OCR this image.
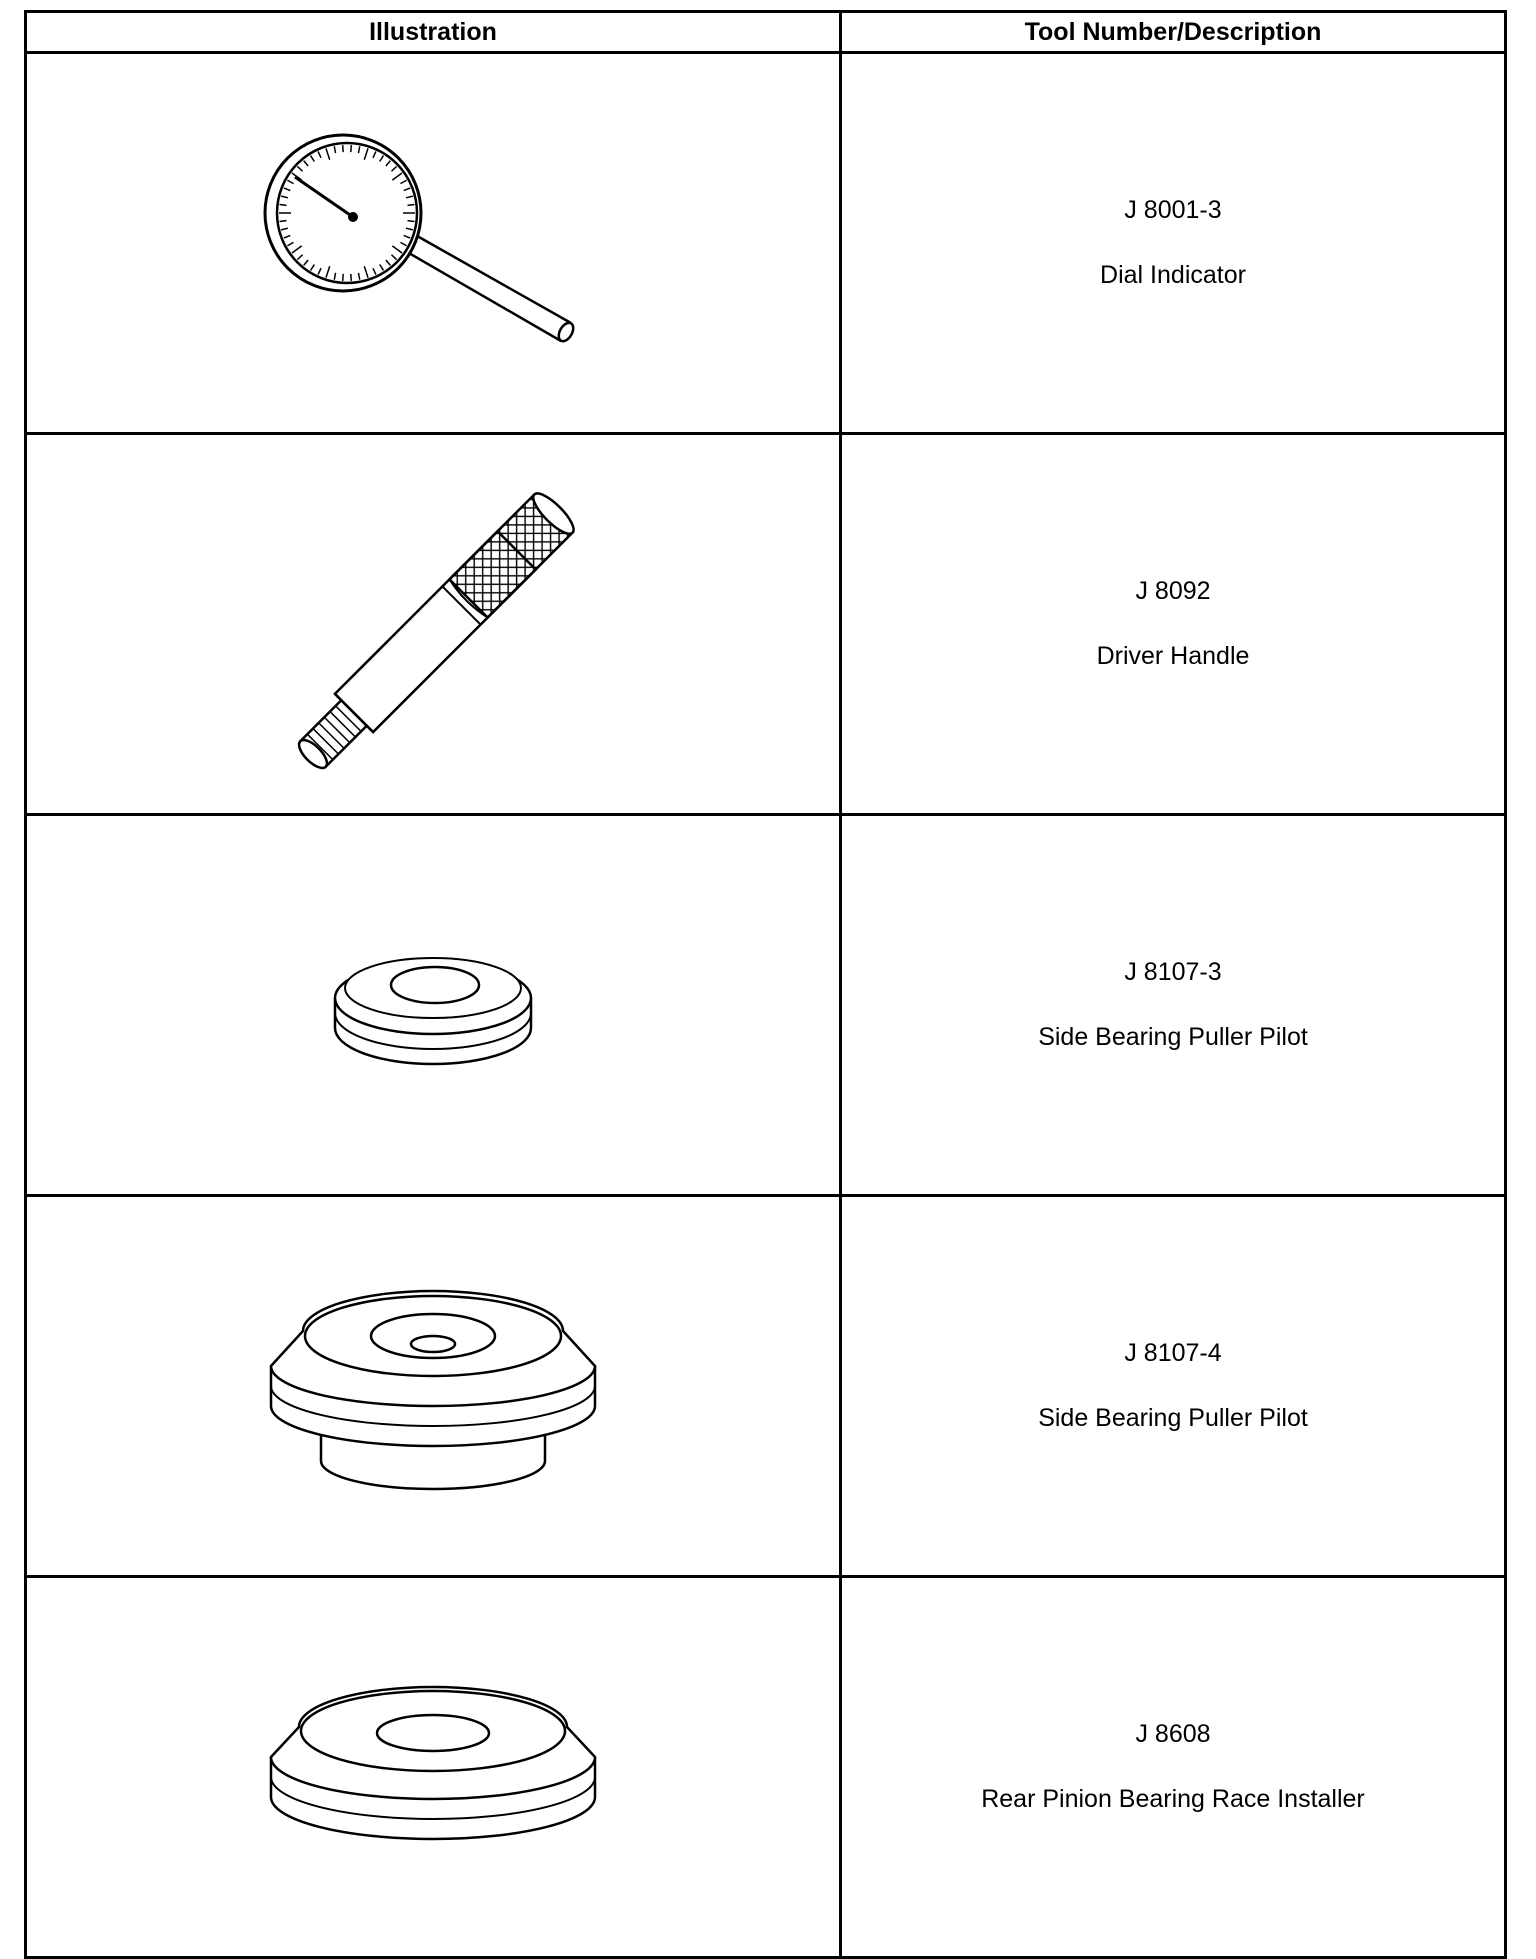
Illustration	Tool Number/Description

J 8001-3
Dial Indicator

J 8092
Driver Handle

J 8107-3
Side Bearing Puller Pilot

J 8107-4
Side Bearing Puller Pilot

J 8608
Rear Pinion Bearing Race Installer
